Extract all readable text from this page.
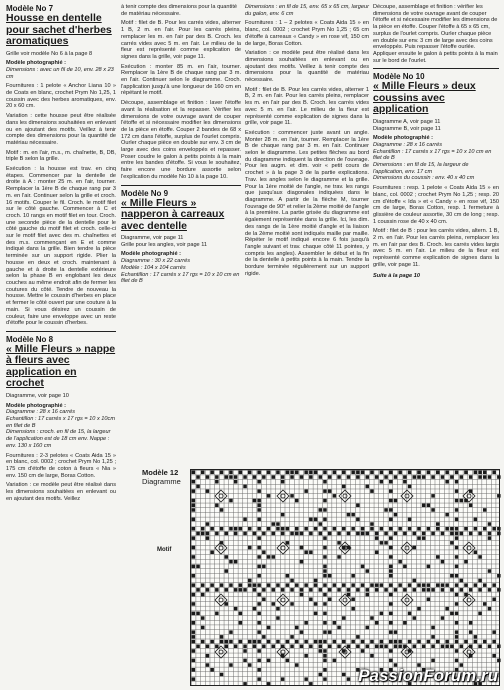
Modèle No 7
Housse en dentelle pour sachet d'herbes aromatiques

Grille voir modèle No 6 à la page 8

Modèle photographié :

Dimensions : avec un fil de 10, env. 28 x 23 cm

Fournitures : 1 pelote « Anchor Liana 10 » de Coats en blanc, crochet Prym No 1,25, 1 coussin avec des herbes aromatiques, env. 20 x 60 cm.

Variation : cette housse peut être réalisée dans les dimensions souhaitées en enlevant ou en ajoutant des motifs. Veillez à tenir compte des dimensions pour la quantité de matériau nécessaire.

Motif : m. en l'air, m.s., m. chaînette, B, DB, triple B selon la grille.

Exécution : la housse est trav. en cinq étapes. Commencer par la dentelle de droite à A : monter 25 m. en l'air, tourner. Remplacer la 1ère B de chaque rang par 3 m. en l'air. Continuer selon la grille et croch. 16 motifs. Couper le fil. Croch. le motif filet sur le côté gauche. Commencer à C et croch. 10 rangs en motif filet en tour. Croch. une seconde pièce de la dentelle pour le côté gauche du motif filet et croch. celle-ci sur le motif filet avec des m. chaînettes et des m.s. commençant en E et comme indiqué dans la grille. Bien tendre la pièce terminée sur un support rigide. Plier la housse en deux et croch. maintenant à gauche et à droite la dentelle extérieure selon la phase B en englobant les deux couches au même endroit afin de fermer les coutures du côté. Tendre de nouveau la housse. Mettre le coussin d'herbes en place et fermer le côté ouvert par une couture à la main. Si vous désirez un coussin de couleur, faire une enveloppe avec un reste d'étoffe pour le coussin d'herbes.

Modèle No 8
« Mille Fleurs » nappe à fleurs avec application en crochet

Diagramme, voir page 10

Modèle photographié :

Diagramme : 28 x 16 carrés
Echantillon : 17 carrés x 17 rgs = 10 x 10cm en filet de B
Dimensions : croch. en fil de 15, la largeur de l'application est de 18 cm env. Nappe : env. 130 x 160 cm

Fournitures : 2-3 pelotes « Coats Aida 15 » en blanc, col. 0002 ; crochet Prym No 1,25 ; 175 cm d'étoffe de coton à fleurs « Nia » env. 150 cm de large, Boras Cotton.

Variation : ce modèle peut être réalisé dans les dimensions souhaitées en enlevant ou en ajoutant des motifs. Veillez

à tenir compte des dimensions pour la quantité de matériau nécessaire.

Motif : filet de B. Pour les carrés vides, alterner 1 B, 2 m. en l'air. Pour les carrés pleins, remplacer les m. en l'air par des B. Croch. les carrés vides avec 5 m. en l'air. Le milieu de la fleur est représenté comme explication de signes dans la grille, voir page 11.

Exécution : monter 85 m. en l'air, tourner. Remplacer la 1ère B de chaque rang par 3 m. en l'air. Continuer selon le diagramme. Croch. l'application jusqu'à une longueur de 160 cm en répétant le motif.

Découpe, assemblage et finition : laver l'étoffe avant la réalisation et la repasser. Vérifier les dimensions de votre ouvrage avant de couper l'étoffe et si nécessaire modifier les dimensions de la pièce en étoffe. Couper 2 bandes de 68 x 172 cm dans l'étoffe, surplus de l'ourlet compris. Ourler chaque pièce en double sur env. 3 cm de large avec des coins enveloppés et repasser. Poser coudre le galon à petits points à la main entre les bandes d'étoffe. Si vous le souhaitez, faire encore une bordure assortie selon l'explication du modèle No 10 à la page 10.

Modèle No 9
« Mille Fleurs » napperon à carreaux avec dentelle

Diagramme, voir page 11

Grille pour les angles, voir page 11

Modèle photographié :

Diagramme : 30 x 22 carrés
Modèle : 104 x 104 carrés
Echantillon : 17 carrés x 17 rgs = 10 x 10 cm en filet de B
Dimensions : en fil de 15, env. 65 x 65 cm, largeur du galon, env. 6 cm

Fournitures : 1 – 2 pelotes « Coats Aida 15 » en blanc, col. 0002 ; crochet Prym No 1,25 ; 65 cm d'étoffe à carreaux « Candy » en rose vif, 150 cm de large, Boras Cotton.

Variation : ce modèle peut être réalisé dans les dimensions souhaitées en enlevant ou en ajoutant des motifs. Veillez à tenir compte des dimensions pour la quantité de matériau nécessaire.

Motif : filet de B. Pour les carrés vides, alterner 1 B, 2 m. en l'air. Pour les carrés pleins, remplacer les m. en l'air par des B. Croch. les carrés vides avec 5 m. en l'air. Le milieu de la fleur est représenté comme explication de signes dans la grille, voir page 11.

Exécution : commencer juste avant un angle. Monter 28 m. en l'air, tourner. Remplacer la 1ère B de chaque rang par 3 m. en l'air. Continuer selon le diagramme. Les petites flèches au bord du diagramme indiquent la direction de l'ouvrage. Pour les augm. et dim. voir « petit cours de crochet » à la page 3 de la partie explications. Trav. les angles selon le diagramme et la grille. Pour la 1ère moitié de l'angle, ne trav. les rangs que jusqu'aux diagonales indiquées dans le diagramme. A partir de la flèche M, tourner l'ouvrage de 90° et relier la 2ème moitié de l'angle à la première. La partie grisée du diagramme est également représentée dans la grille. Ici, les dim. des rangs de la 1ère moitié d'angle et la liaison de la 2ème moitié sont indiqués maille par maille. Répéter le motif indiqué encore 6 fois jusqu'à l'angle suivant et trav. chaque côté 11 pointes, y compris les angles). Assembler le début et la fin de la dentelle à petits points à la main. Tendre la bordure terminée régulièrement sur un support rigide.

Découpe, assemblage et finition : vérifier les dimensions de votre ouvrage avant de couper l'étoffe et si nécessaire modifier les dimensions de la pièce en étoffe. Couper l'étoffe à 65 x 65 cm, surplus de l'ourlet compris. Ourler chaque pièce en double sur env. 3 cm de large avec des coins enveloppés. Puis repasser l'étoffe ourlée. Appliquer ensuite le galon à petits points à la main sur le bord de l'ourlet.
Modèle No 10
« Mille Fleurs » deux coussins avec application

Diagramme A, voir page 11

Diagramme B, voir page 11

Modèle photographié :

Diagramme : 28 x 16 carrés
Echantillon : 17 carrés x 17 rgs = 10 x 10 cm en filet de B
Dimensions : en fil de 15, la largeur de l'application, env. 17 cm
Dimensions du coussin : env. 40 x 40 cm

Fournitures : resp. 1 pelote « Coats Aida 15 » en blanc, col. 0002 ; crochet Prym No 1,25 ; resp. 20 cm d'étoffe « Ida » et « Candy » en rose vif, 150 cm de large, Boras Cotton, resp. 1 fermeture à glissière de couleur assortie, 30 cm de long ; resp. 1 coussin rose de 40 x 40 cm.

Motif : filet de B : pour les carrés vides, altern. 1 B, 2 m. en l'air. Pour les carrés pleins, remplacer les m. en l'air par des B. Croch. les carrés vides largis avec 5 m. en l'air. Le milieu de la fleur est représenté comme explication de signes dans la grille, voir page 11.

Suite à la page 10
Modèle 12
Diagramme
Motif
PassionForum.ru
